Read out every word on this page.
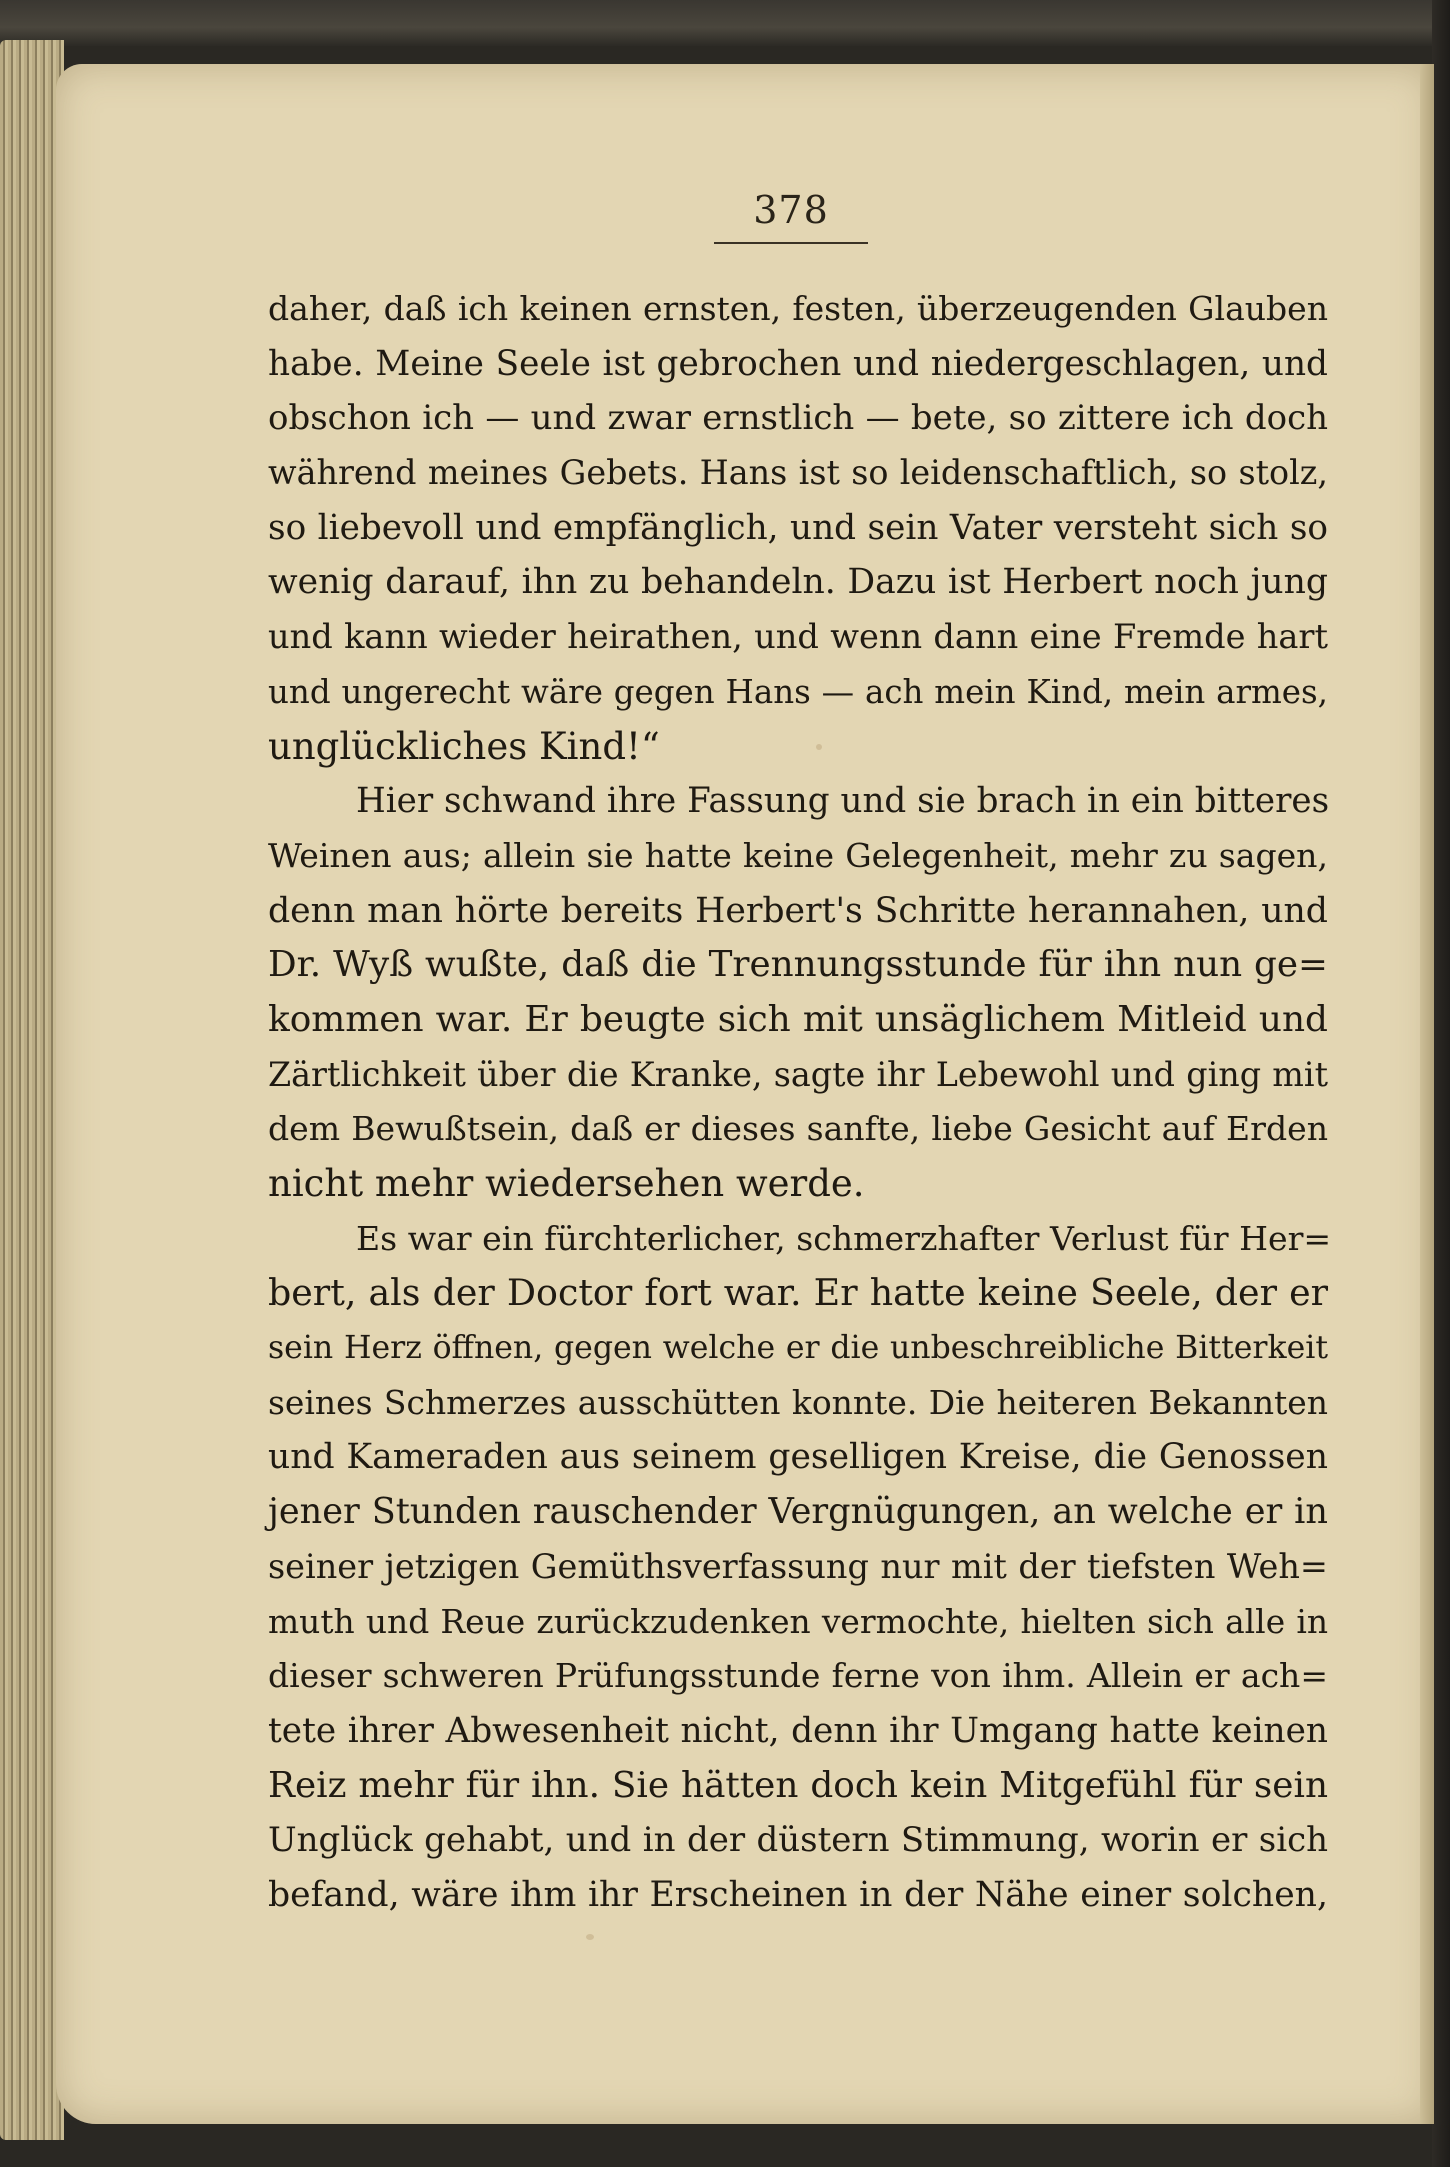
378
daher, daß ich keinen ernsten, festen, überzeugenden Glauben
habe. Meine Seele ist gebrochen und niedergeschlagen, und
obschon ich — und zwar ernstlich — bete, so zittere ich doch
während meines Gebets. Hans ist so leidenschaftlich, so stolz,
so liebevoll und empfänglich, und sein Vater versteht sich so
wenig darauf, ihn zu behandeln. Dazu ist Herbert noch jung
und kann wieder heirathen, und wenn dann eine Fremde hart
und ungerecht wäre gegen Hans — ach mein Kind, mein armes,
unglückliches Kind!“
Hier schwand ihre Fassung und sie brach in ein bitteres
Weinen aus; allein sie hatte keine Gelegenheit, mehr zu sagen,
denn man hörte bereits Herbert's Schritte herannahen, und
Dr. Wyß wußte, daß die Trennungsstunde für ihn nun ge=
kommen war. Er beugte sich mit unsäglichem Mitleid und
Zärtlichkeit über die Kranke, sagte ihr Lebewohl und ging mit
dem Bewußtsein, daß er dieses sanfte, liebe Gesicht auf Erden
nicht mehr wiedersehen werde.
Es war ein fürchterlicher, schmerzhafter Verlust für Her=
bert, als der Doctor fort war. Er hatte keine Seele, der er
sein Herz öffnen, gegen welche er die unbeschreibliche Bitterkeit
seines Schmerzes ausschütten konnte. Die heiteren Bekannten
und Kameraden aus seinem geselligen Kreise, die Genossen
jener Stunden rauschender Vergnügungen, an welche er in
seiner jetzigen Gemüthsverfassung nur mit der tiefsten Weh=
muth und Reue zurückzudenken vermochte, hielten sich alle in
dieser schweren Prüfungsstunde ferne von ihm. Allein er ach=
tete ihrer Abwesenheit nicht, denn ihr Umgang hatte keinen
Reiz mehr für ihn. Sie hätten doch kein Mitgefühl für sein
Unglück gehabt, und in der düstern Stimmung, worin er sich
befand, wäre ihm ihr Erscheinen in der Nähe einer solchen,
